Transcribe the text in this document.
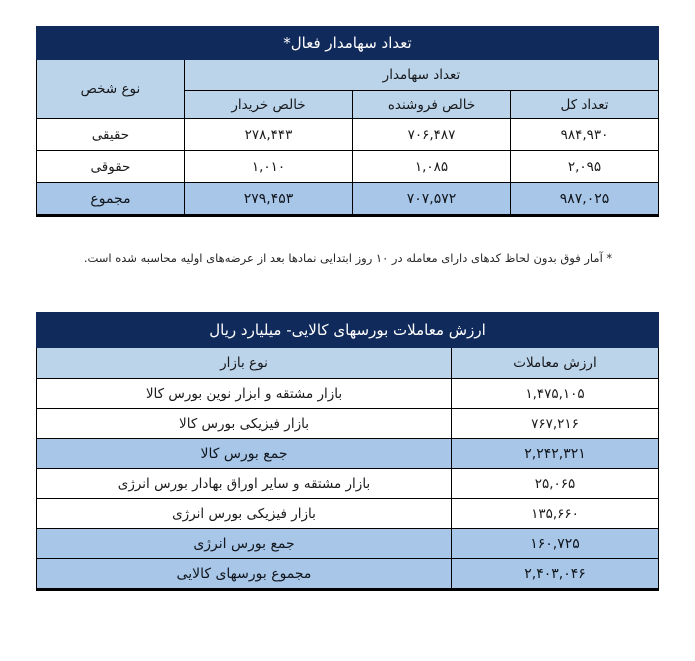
تعداد سهامدار فعال*			
تعداد سهامدار			نوع شخص
تعداد کل	خالص فروشنده	خالص خریدار	
۹۸۴,۹۳۰	۷۰۶,۴۸۷	۲۷۸,۴۴۳	حقیقی
۲,۰۹۵	۱,۰۸۵	۱,۰۱۰	حقوقی
۹۸۷,۰۲۵	۷۰۷,۵۷۲	۲۷۹,۴۵۳	مجموع
* آمار فوق بدون لحاظ کدهای دارای معامله در ۱۰ روز ابتدایی نمادها بعد از عرضه‌های اولیه محاسبه شده است.
ارزش معاملات بورسهای کالایی- میلیارد ریال	
ارزش معاملات	نوع بازار
۱,۴۷۵,۱۰۵	بازار مشتقه و ابزار نوین بورس کالا
۷۶۷,۲۱۶	بازار فیزیکی بورس کالا
۲,۲۴۲,۳۲۱	جمع بورس کالا
۲۵,۰۶۵	بازار مشتقه و سایر اوراق بهادار بورس انرژی
۱۳۵,۶۶۰	بازار فیزیکی بورس انرژی
۱۶۰,۷۲۵	جمع بورس انرژی
۲,۴۰۳,۰۴۶	مجموع بورسهای کالایی
